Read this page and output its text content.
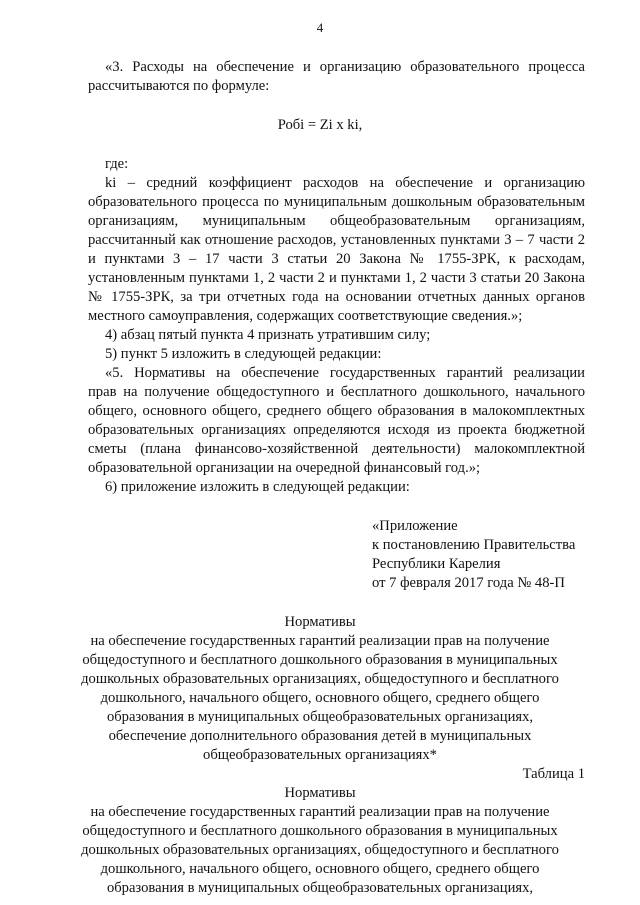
4
«3. Расходы на обеспечение и организацию образовательного процесса
рассчитываются по формуле:
Робi = Zi х ki,
где:
ki – средний коэффициент расходов на обеспечение и организацию
образовательного процесса по муниципальным дошкольным образовательным
организациям, муниципальным общеобразовательным организациям,
рассчитанный как отношение расходов, установленных пунктами 3 – 7 части 2
и пунктами 3 – 17 части 3 статьи 20 Закона № 1755-ЗРК, к расходам,
установленным пунктами 1, 2 части 2 и пунктами 1, 2 части 3 статьи 20 Закона
№ 1755-ЗРК, за три отчетных года на основании отчетных данных органов
местного самоуправления, содержащих соответствующие сведения.»;
4) абзац пятый пункта 4 признать утратившим силу;
5) пункт 5 изложить в следующей редакции:
«5. Нормативы на обеспечение государственных гарантий реализации
прав на получение общедоступного и бесплатного дошкольного, начального
общего, основного общего, среднего общего образования в малокомплектных
образовательных организациях определяются исходя из проекта бюджетной
сметы (плана финансово-хозяйственной деятельности) малокомплектной
образовательной организации на очередной финансовый год.»;
6) приложение изложить в следующей редакции:
«Приложение
к постановлению Правительства
Республики Карелия
от 7 февраля 2017 года № 48-П
Нормативы
на обеспечение государственных гарантий реализации прав на получение
общедоступного и бесплатного дошкольного образования в муниципальных
дошкольных образовательных организациях, общедоступного и бесплатного
дошкольного, начального общего, основного общего, среднего общего
образования в муниципальных общеобразовательных организациях,
обеспечение дополнительного образования детей в муниципальных
общеобразовательных организациях*
Таблица 1
Нормативы
на обеспечение государственных гарантий реализации прав на получение
общедоступного и бесплатного дошкольного образования в муниципальных
дошкольных образовательных организациях, общедоступного и бесплатного
дошкольного, начального общего, основного общего, среднего общего
образования в муниципальных общеобразовательных организациях,
